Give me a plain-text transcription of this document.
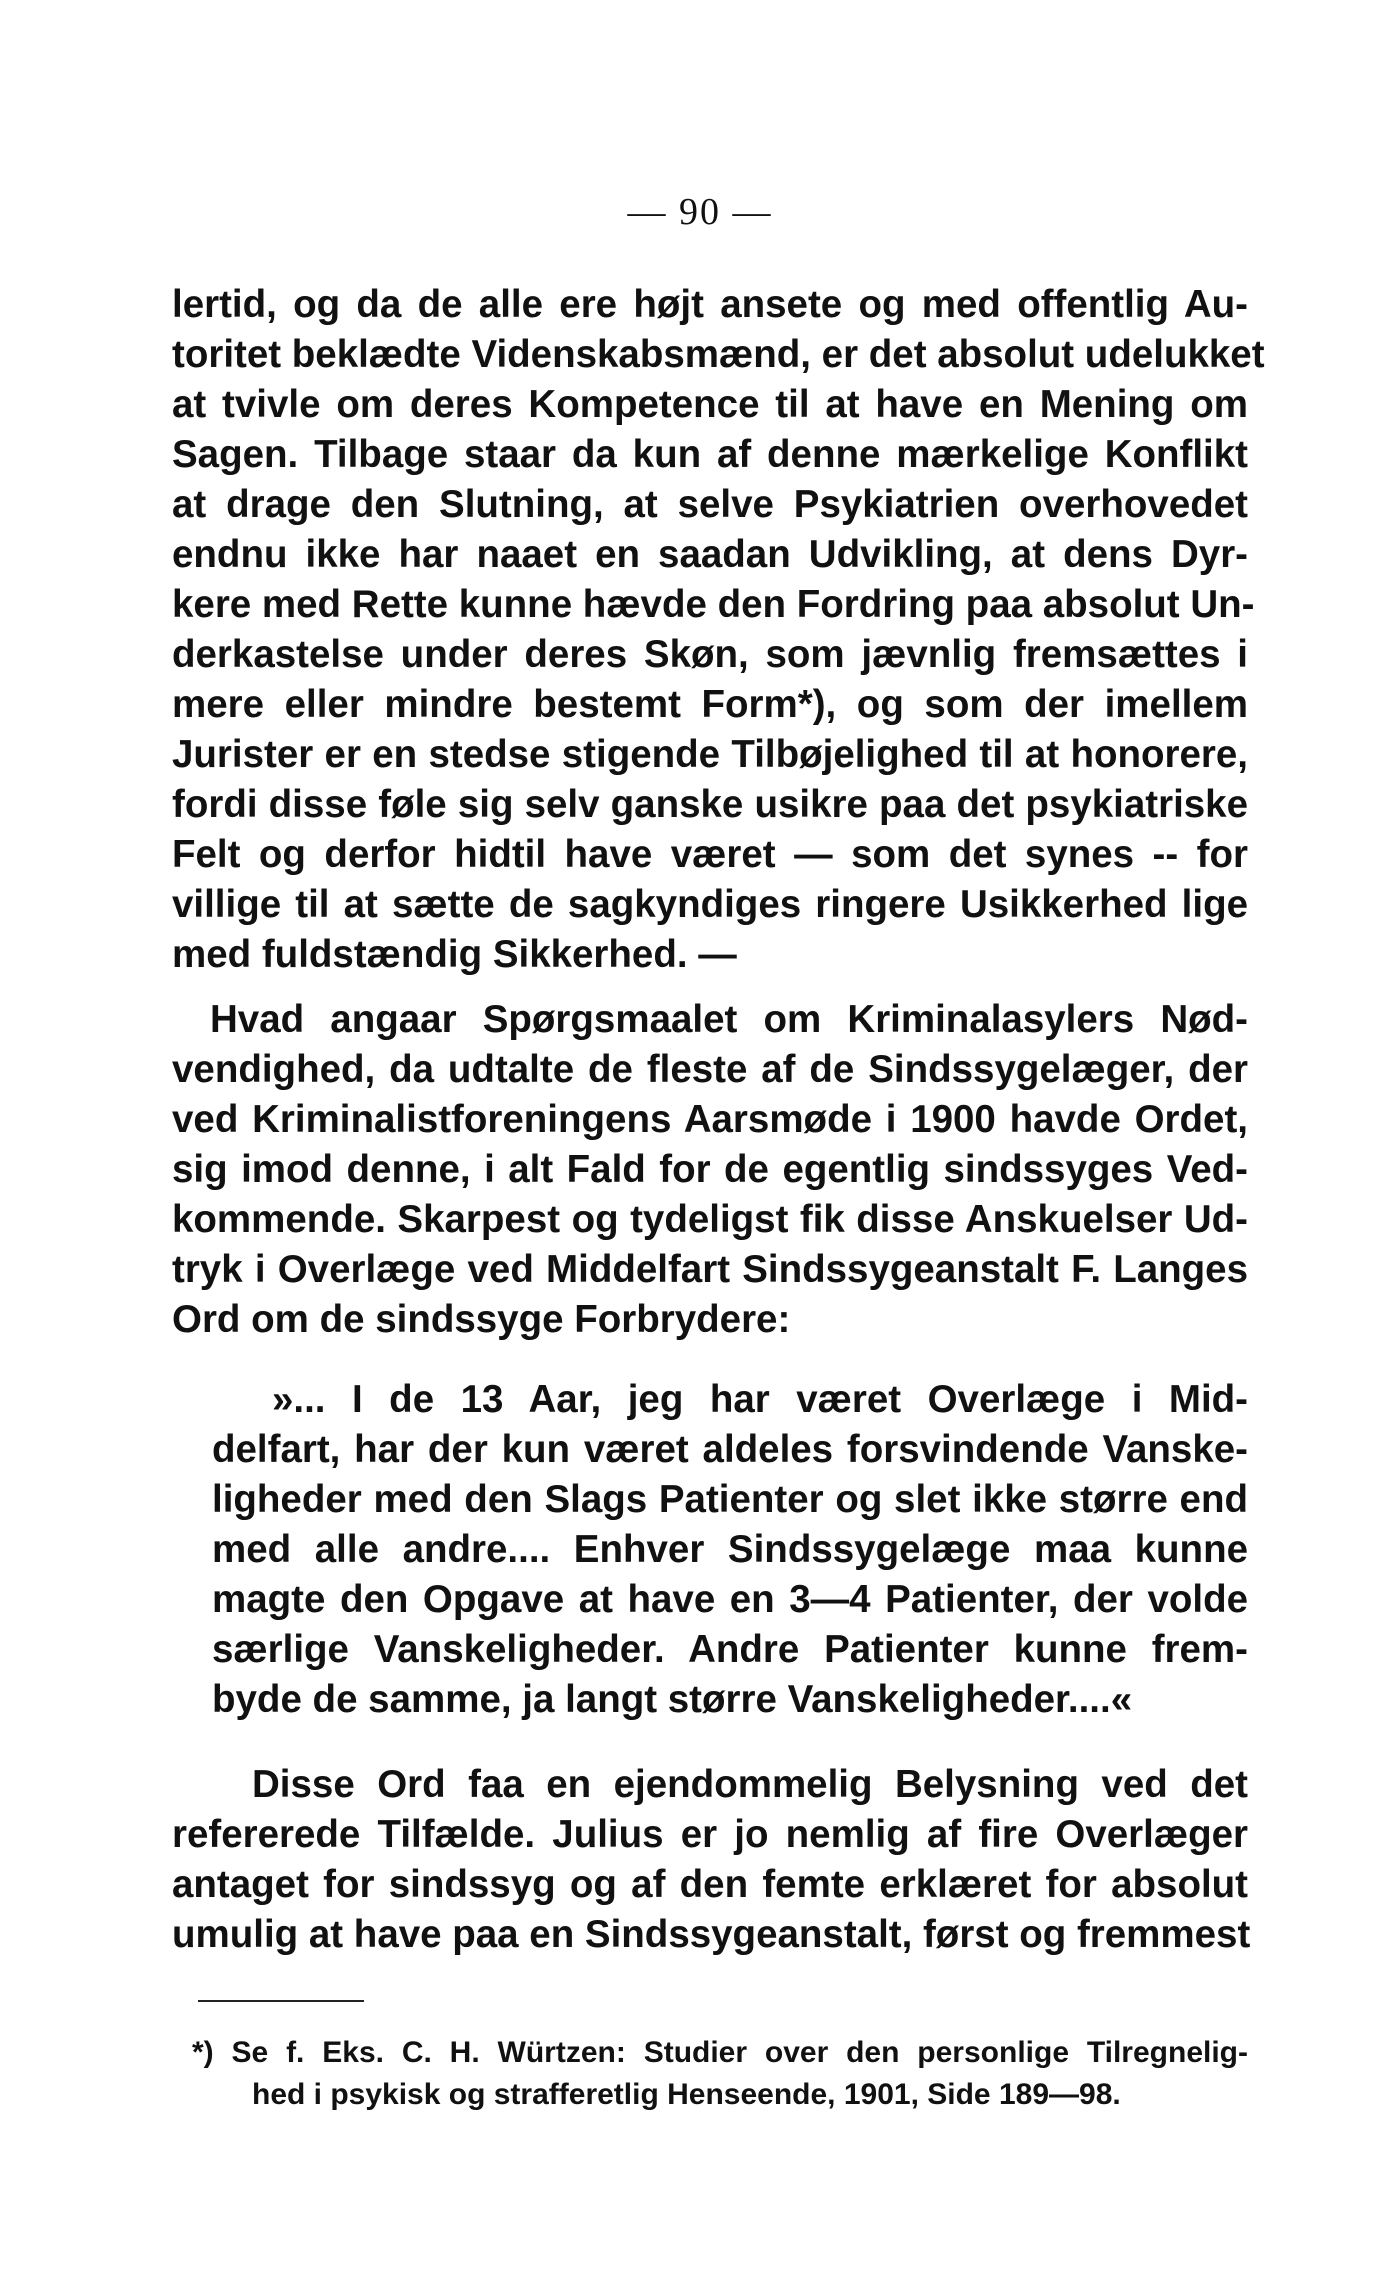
— 90 —
lertid, og da de alle ere højt ansete og med offentlig Au-
toritet beklædte Videnskabsmænd, er det absolut udelukket
at tvivle om deres Kompetence til at have en Mening om
Sagen. Tilbage staar da kun af denne mærkelige Konflikt
at drage den Slutning, at selve Psykiatrien overhovedet
endnu ikke har naaet en saadan Udvikling, at dens Dyr-
kere med Rette kunne hævde den Fordring paa absolut Un-
derkastelse under deres Skøn, som jævnlig fremsættes i
mere eller mindre bestemt Form*), og som der imellem
Jurister er en stedse stigende Tilbøjelighed til at honorere,
fordi disse føle sig selv ganske usikre paa det psykiatriske
Felt og derfor hidtil have været — som det synes -- for
villige til at sætte de sagkyndiges ringere Usikkerhed lige
med fuldstændig Sikkerhed. —
Hvad angaar Spørgsmaalet om Kriminalasylers Nød-
vendighed, da udtalte de fleste af de Sindssygelæger, der
ved Kriminalistforeningens Aarsmøde i 1900 havde Ordet,
sig imod denne, i alt Fald for de egentlig sindssyges Ved-
kommende. Skarpest og tydeligst fik disse Anskuelser Ud-
tryk i Overlæge ved Middelfart Sindssygeanstalt F. Langes
Ord om de sindssyge Forbrydere:
»... I de 13 Aar, jeg har været Overlæge i Mid-
delfart, har der kun været aldeles forsvindende Vanske-
ligheder med den Slags Patienter og slet ikke større end
med alle andre.... Enhver Sindssygelæge maa kunne
magte den Opgave at have en 3—4 Patienter, der volde
særlige Vanskeligheder. Andre Patienter kunne frem-
byde de samme, ja langt større Vanskeligheder....«
Disse Ord faa en ejendommelig Belysning ved det
refererede Tilfælde. Julius er jo nemlig af fire Overlæger
antaget for sindssyg og af den femte erklæret for absolut
umulig at have paa en Sindssygeanstalt, først og fremmest
*) Se f. Eks. C. H. Würtzen: Studier over den personlige Tilregnelig-
hed i psykisk og strafferetlig Henseende, 1901, Side 189—98.
